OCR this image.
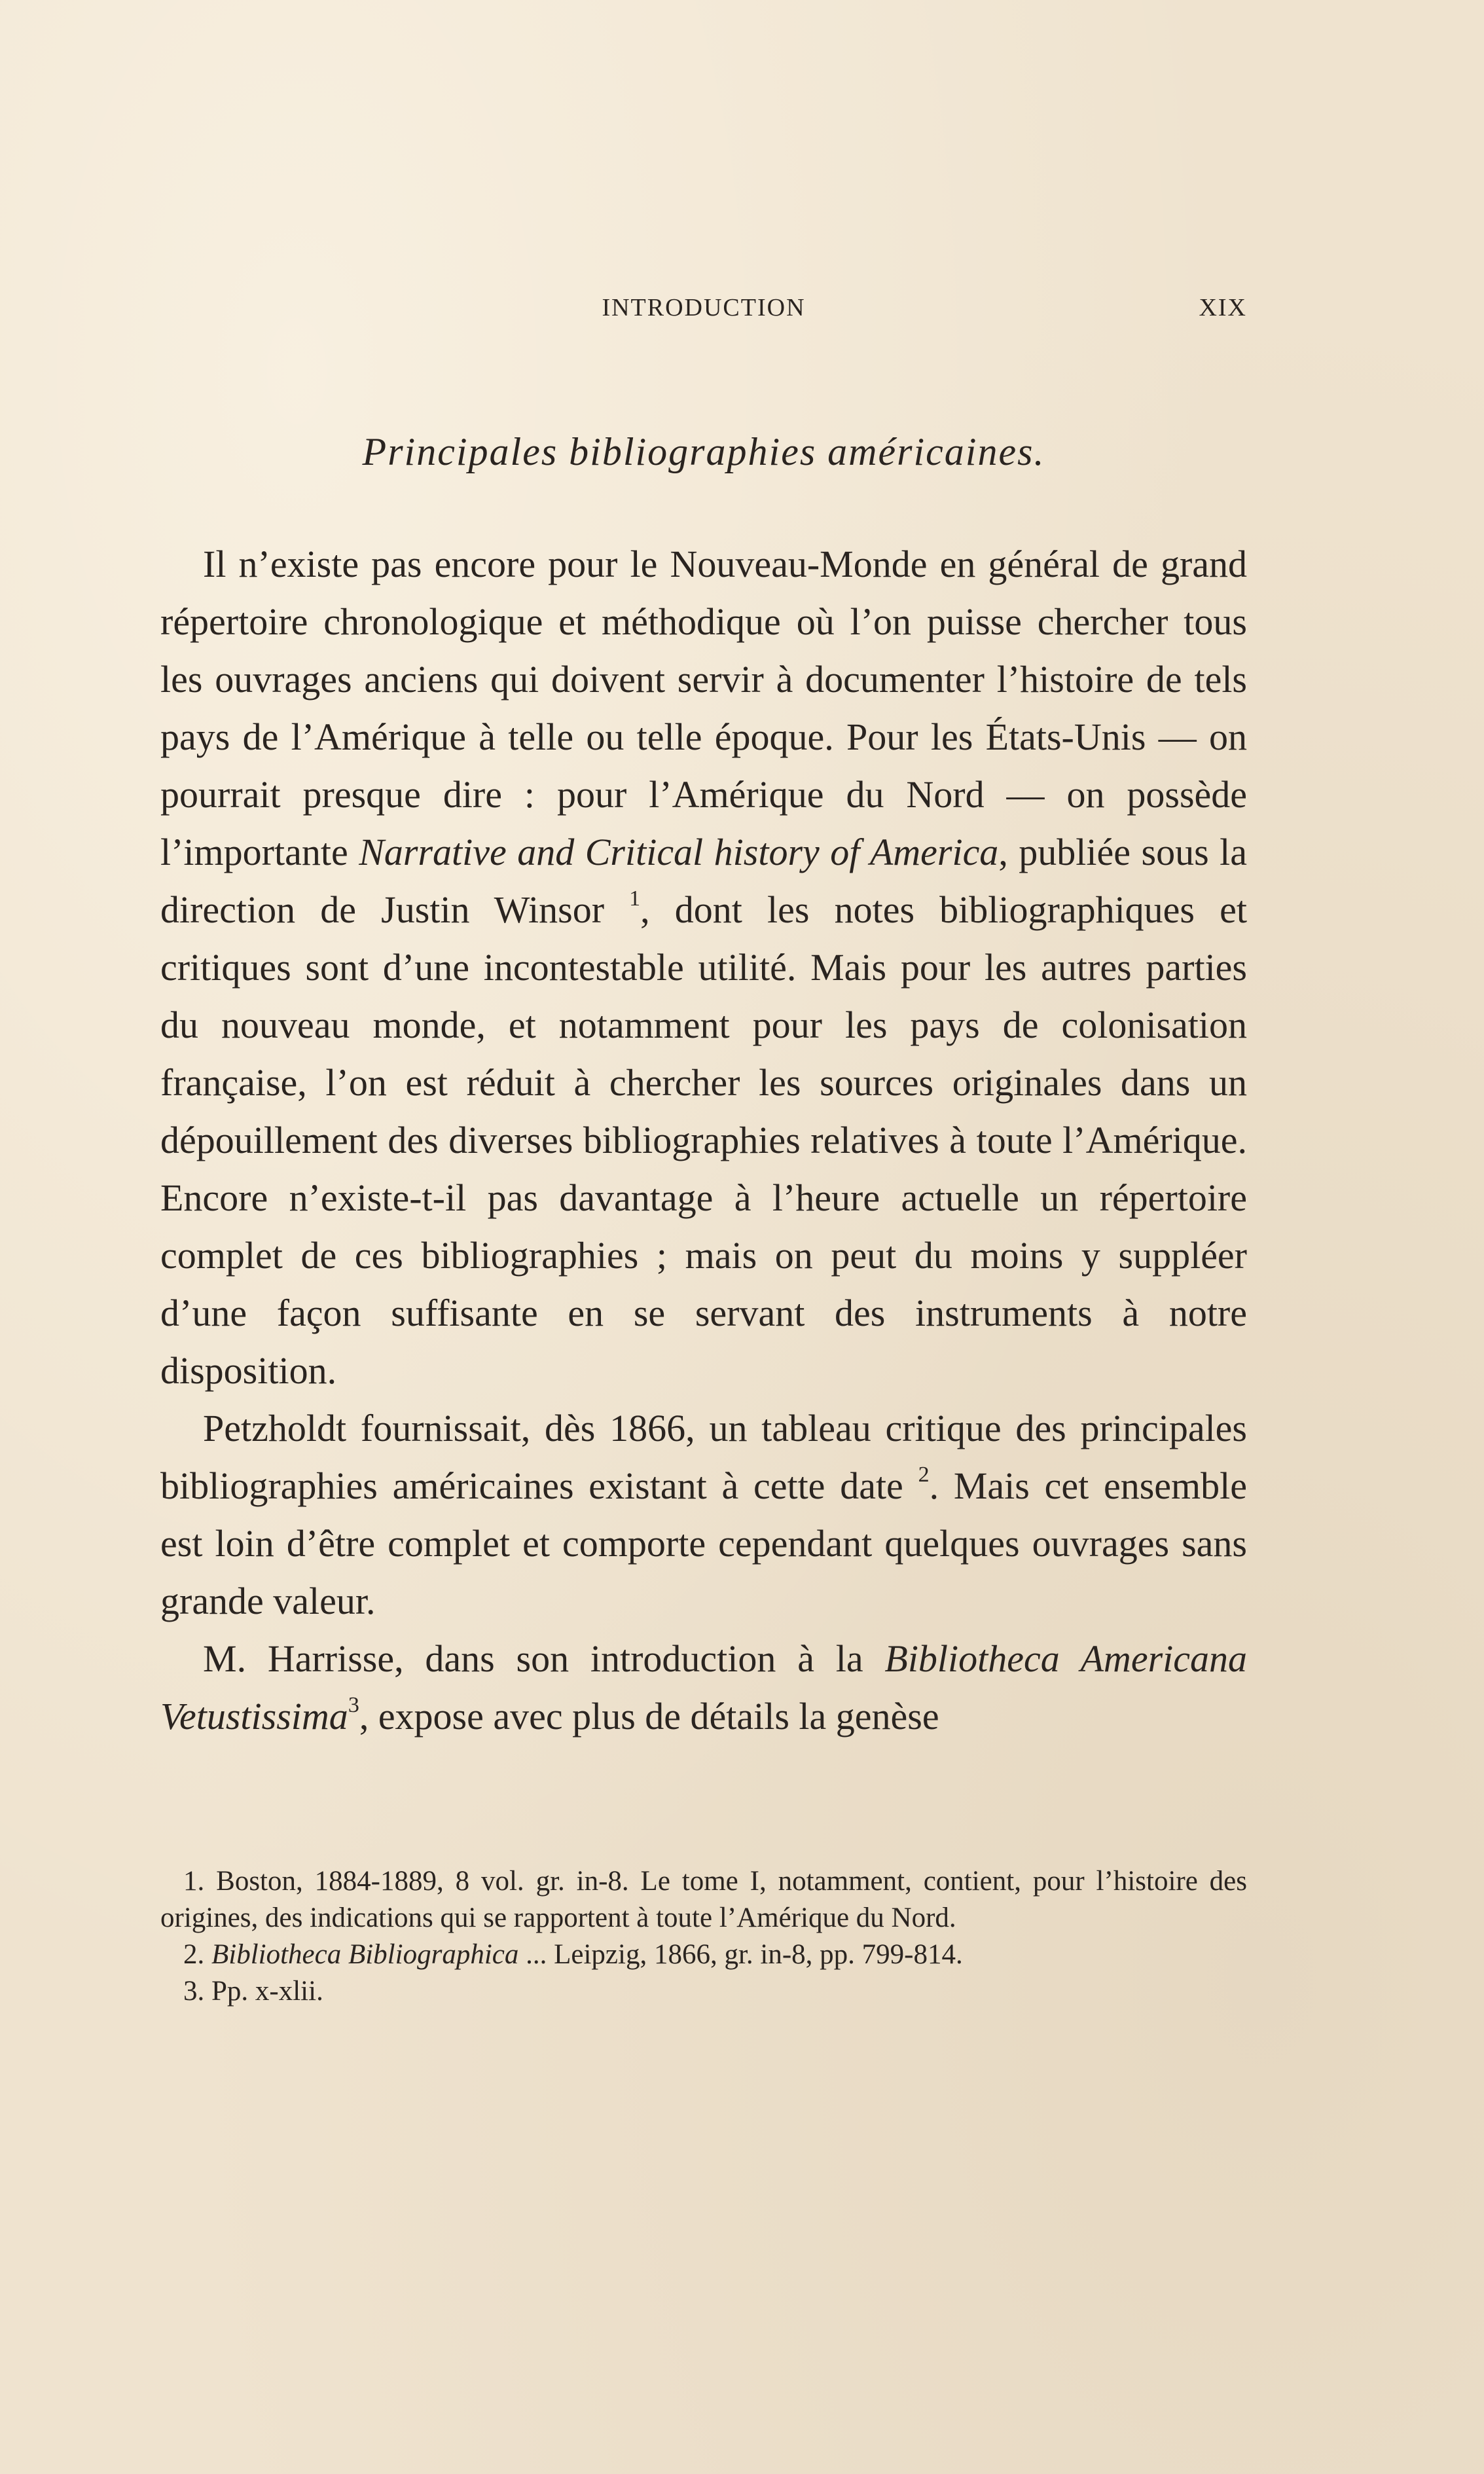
INTRODUCTION	XIX
Principales bibliographies américaines.

Il n’existe pas encore pour le Nouveau-Monde en général de grand répertoire chronologique et méthodique où l’on puisse chercher tous les ouvrages anciens qui doivent servir à documenter l’histoire de tels pays de l’Amérique à telle ou telle époque. Pour les États-Unis — on pourrait presque dire : pour l’Amérique du Nord — on possède l’importante Narrative and Critical history of America, publiée sous la direction de Justin Winsor $^1$, dont les notes bibliographiques et critiques sont d’une incontestable utilité. Mais pour les autres parties du nouveau monde, et notamment pour les pays de colonisation française, l’on est réduit à chercher les sources originales dans un dépouillement des diverses bibliographies relatives à toute l’Amérique. Encore n’existe-t-il pas davantage à l’heure actuelle un répertoire complet de ces bibliographies ; mais on peut du moins y suppléer d’une façon suffisante en se servant des instruments à notre disposition.

Petzholdt fournissait, dès 1866, un tableau critique des principales bibliographies américaines existant à cette date $^2$. Mais cet ensemble est loin d’être complet et comporte cependant quelques ouvrages sans grande valeur.

M. Harrisse, dans son introduction à la Bibliotheca Americana Vetustissima$^3$, expose avec plus de détails la genèse

1. Boston, 1884-1889, 8 vol. gr. in-8. Le tome I, notamment, contient, pour l’histoire des origines, des indications qui se rapportent à toute l’Amérique du Nord.

2. Bibliotheca Bibliographica ... Leipzig, 1866, gr. in-8, pp. 799-814.

3. Pp. x-xlii.
